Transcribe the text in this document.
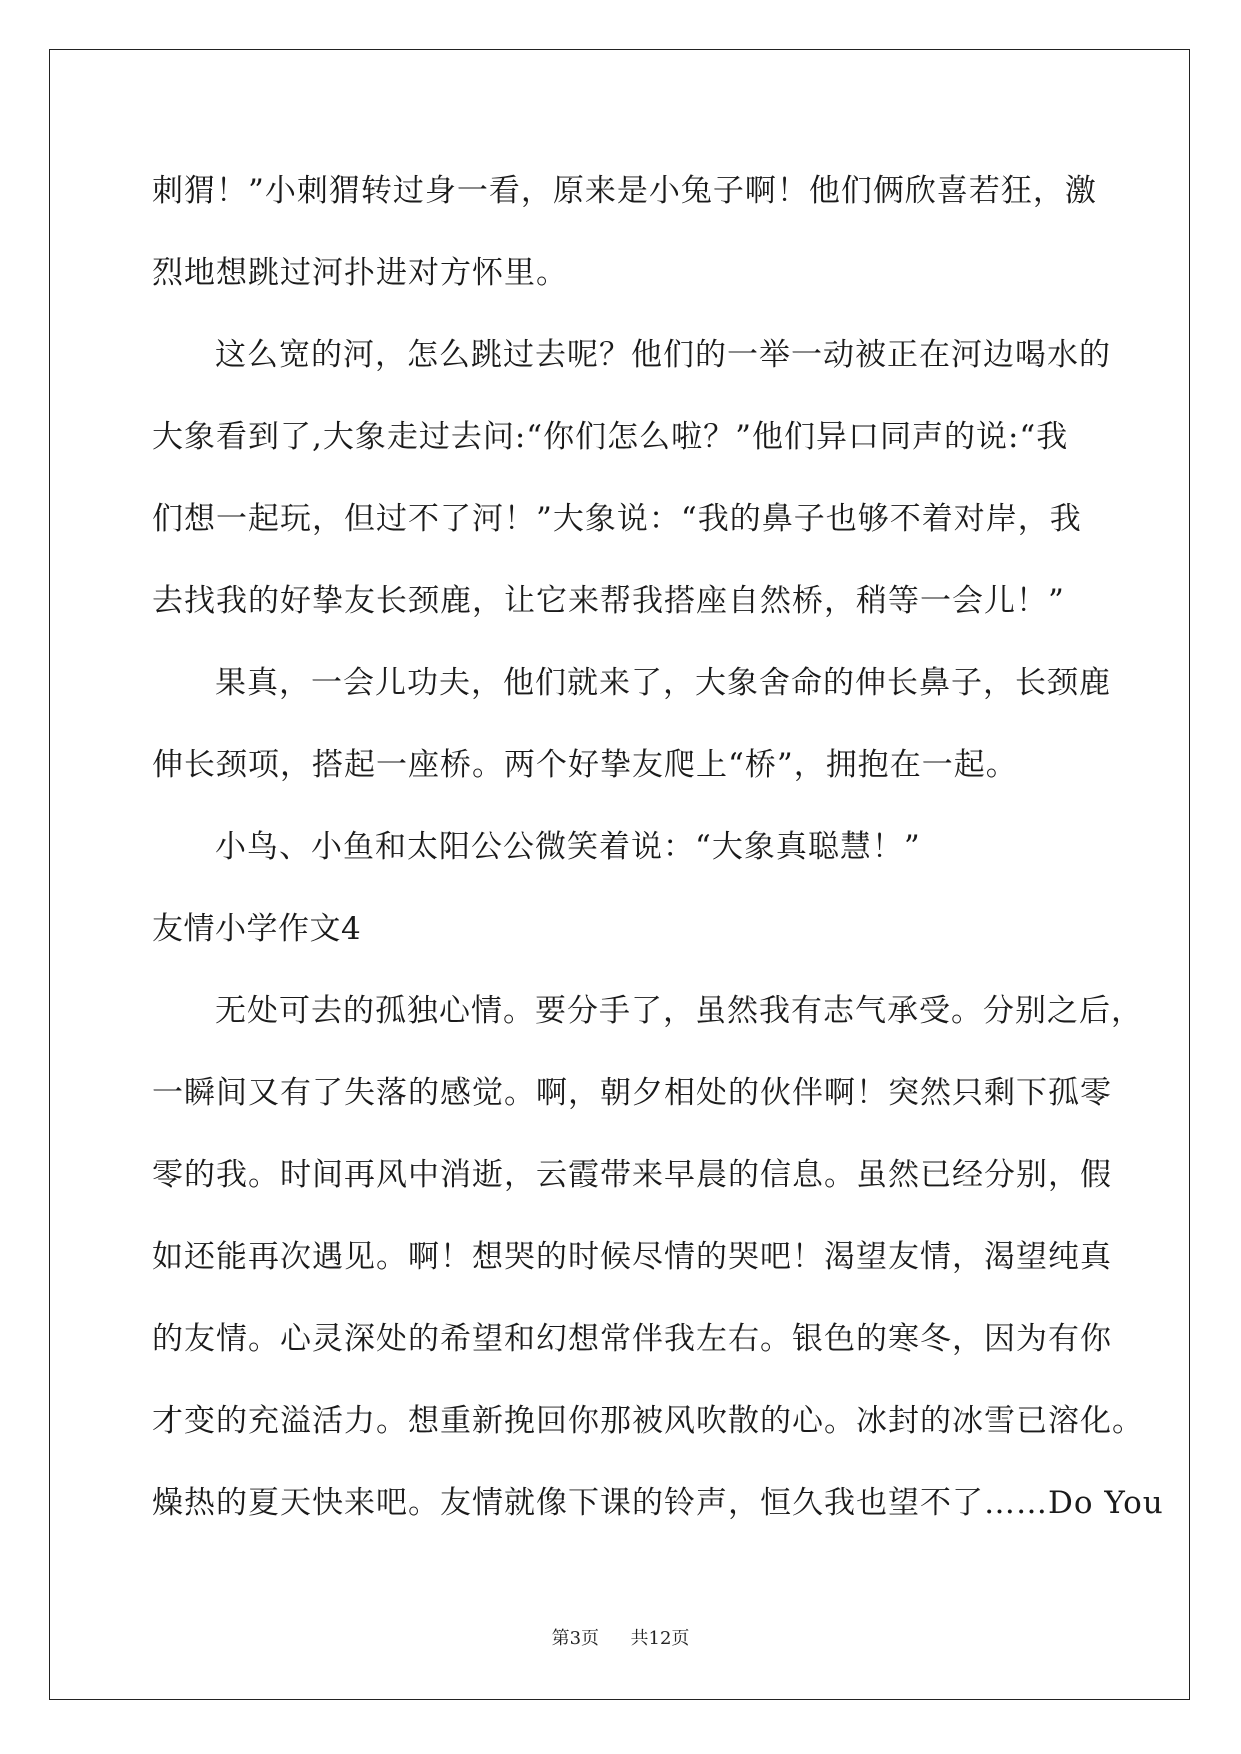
刺猬！”小刺猬转过身一看，原来是小兔子啊！他们俩欣喜若狂，激
烈地想跳过河扑进对方怀里。
这么宽的河，怎么跳过去呢？他们的一举一动被正在河边喝水的
大象看到了,大象走过去问:“你们怎么啦？”他们异口同声的说:“我
们想一起玩，但过不了河！”大象说：“我的鼻子也够不着对岸，我
去找我的好挚友长颈鹿，让它来帮我搭座自然桥，稍等一会儿！”
果真，一会儿功夫，他们就来了，大象舍命的伸长鼻子，长颈鹿
伸长颈项，搭起一座桥。两个好挚友爬上“桥”，拥抱在一起。
小鸟、小鱼和太阳公公微笑着说：“大象真聪慧！”
友情小学作文4
无处可去的孤独心情。要分手了，虽然我有志气承受。分别之后，
一瞬间又有了失落的感觉。啊，朝夕相处的伙伴啊！突然只剩下孤零
零的我。时间再风中消逝，云霞带来早晨的信息。虽然已经分别，假
如还能再次遇见。啊！想哭的时候尽情的哭吧！渴望友情，渴望纯真
的友情。心灵深处的希望和幻想常伴我左右。银色的寒冬，因为有你
才变的充溢活力。想重新挽回你那被风吹散的心。冰封的冰雪已溶化。
燥热的夏天快来吧。友情就像下课的铃声，恒久我也望不了……Do You
第3页 共12页
